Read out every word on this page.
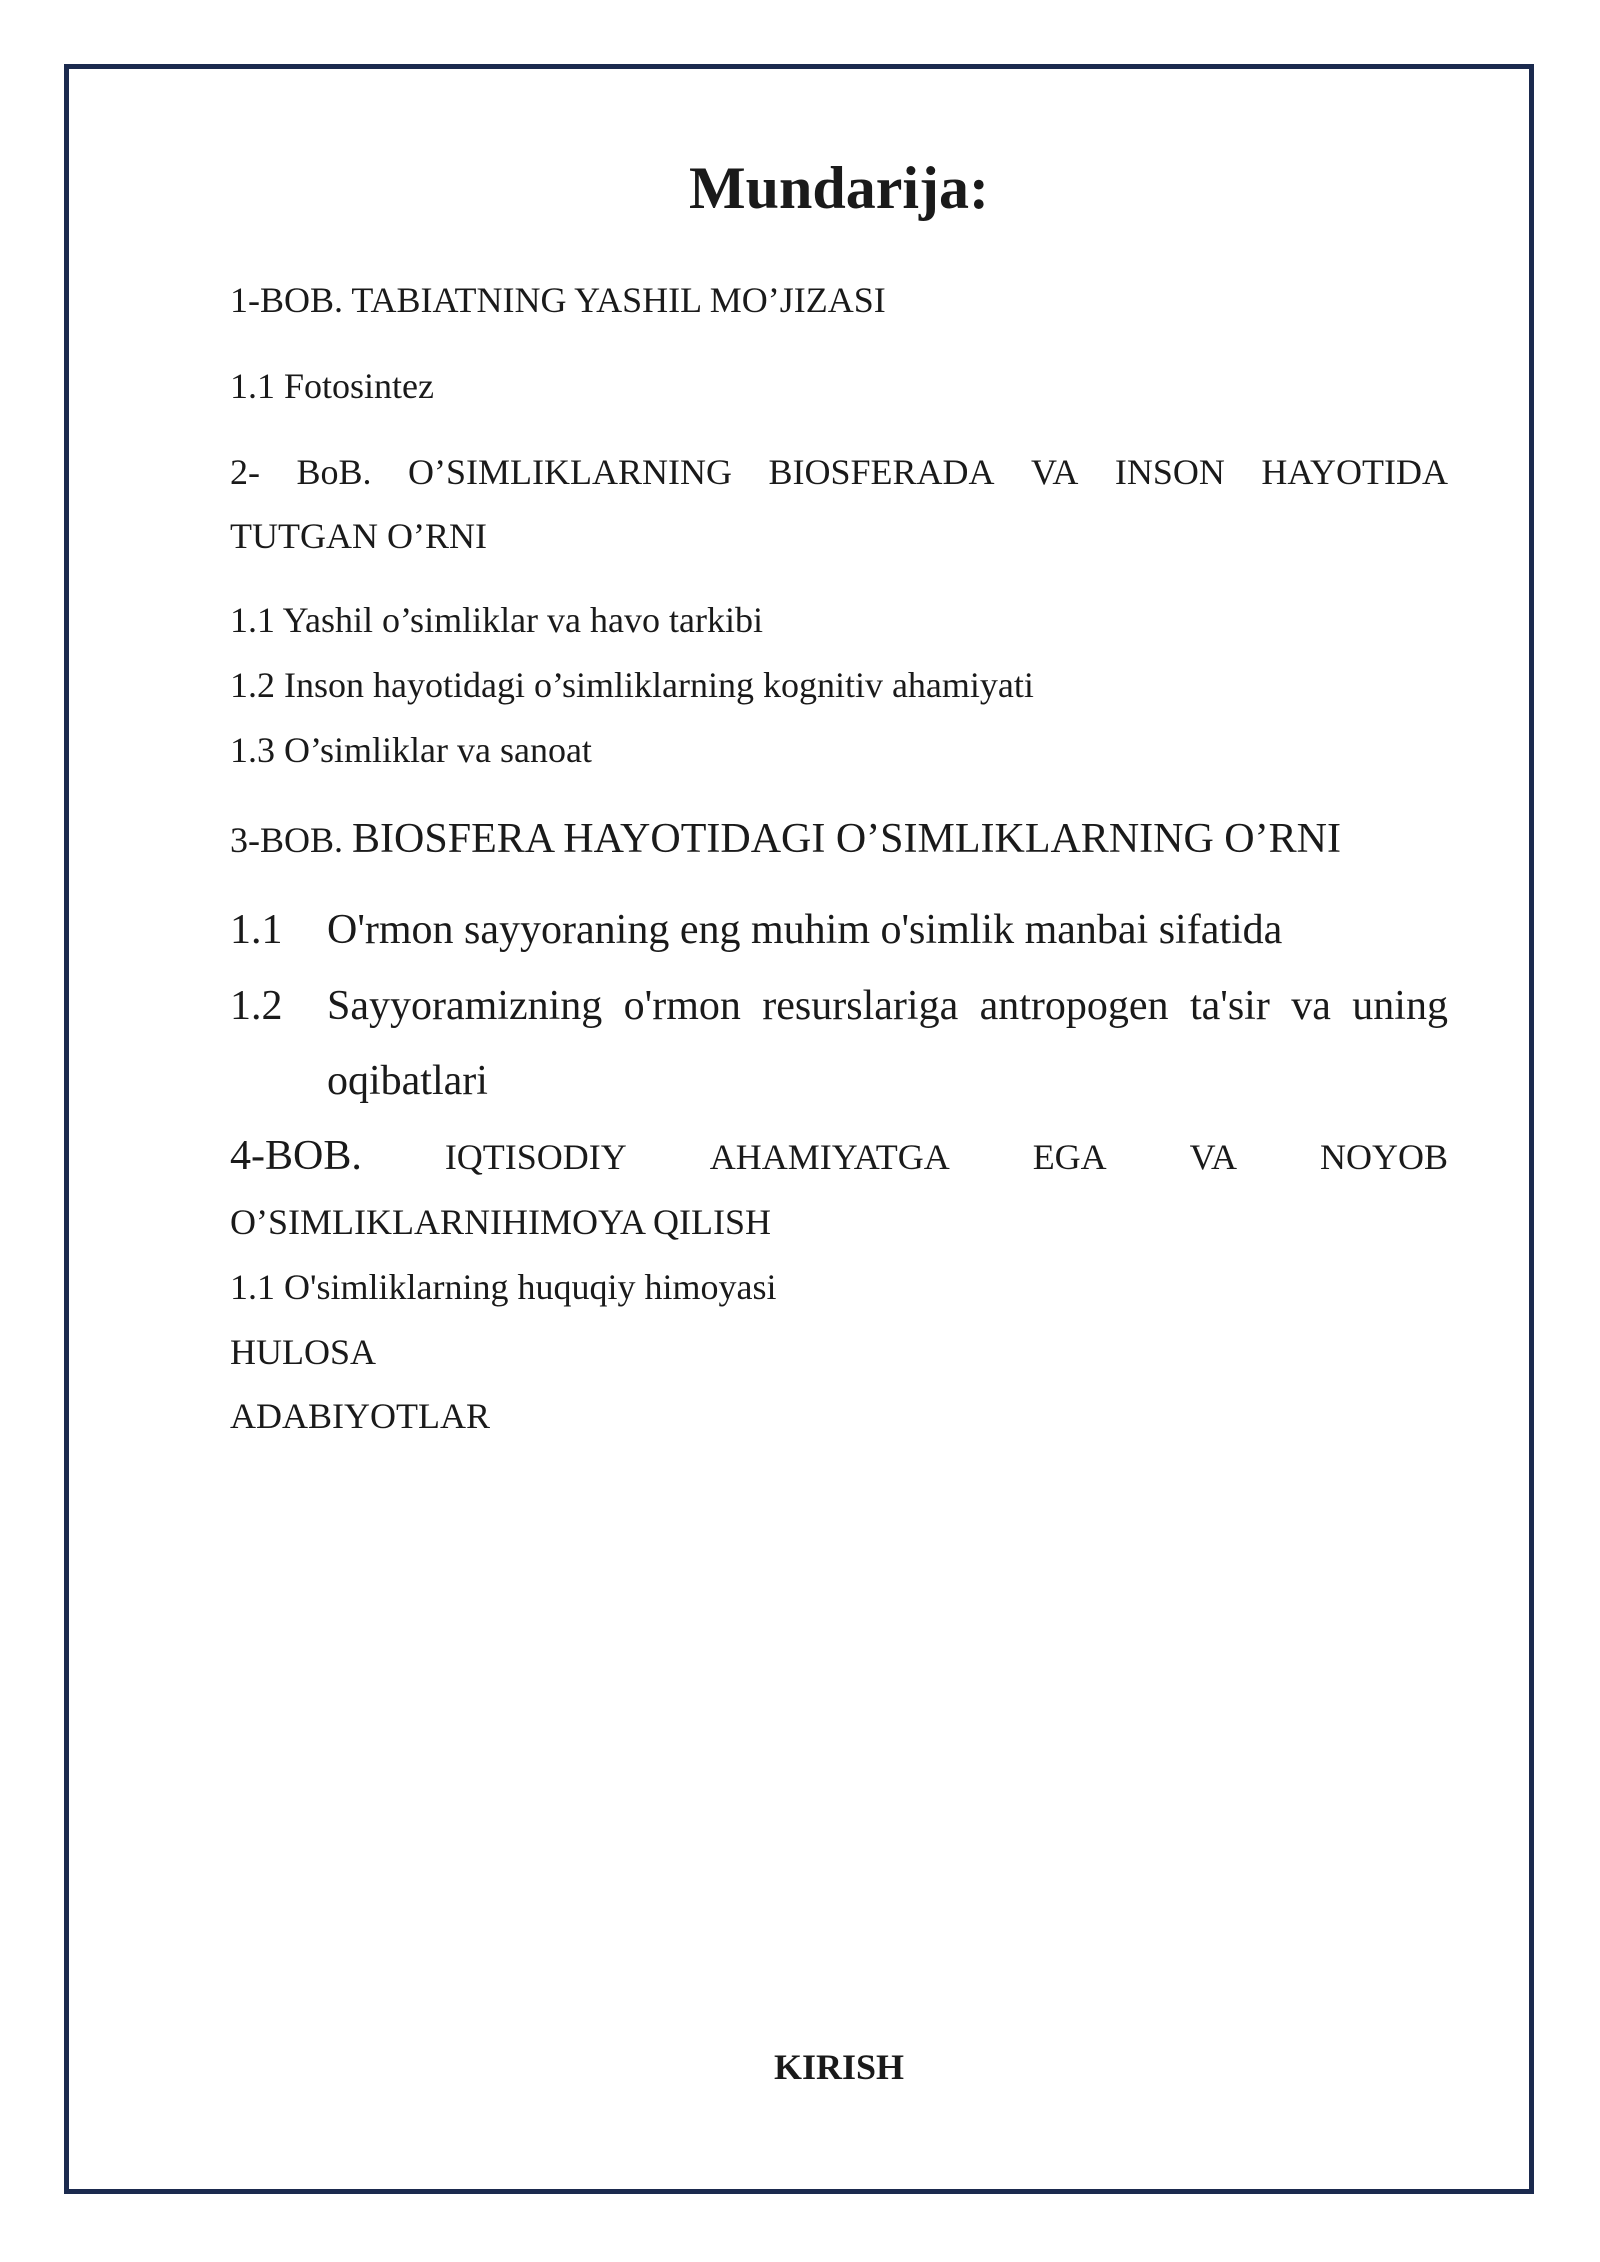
Mundarija:
1-BOB. TABIATNING YASHIL MO’JIZASI
1.1 Fotosintez
2- BoB. O’SIMLIKLARNING BIOSFERADA VA INSON HAYOTIDA
TUTGAN O’RNI
1.1 Yashil o’simliklar va havo tarkibi
1.2 Inson hayotidagi o’simliklarning kognitiv ahamiyati
1.3 O’simliklar va sanoat
3-BOB. BIOSFERA HAYOTIDAGI O’SIMLIKLARNING O’RNI
1.1 O'rmon sayyoraning eng muhim o'simlik manbai sifatida
1.2 Sayyoramizning o'rmon resurslariga antropogen ta'sir va uning
oqibatlari
4-BOB. IQTISODIY AHAMIYATGA EGA VA NOYOB
O’SIMLIKLARNIHIMOYA QILISH
1.1 O'simliklarning huquqiy himoyasi
HULOSA
ADABIYOTLAR
KIRISH
